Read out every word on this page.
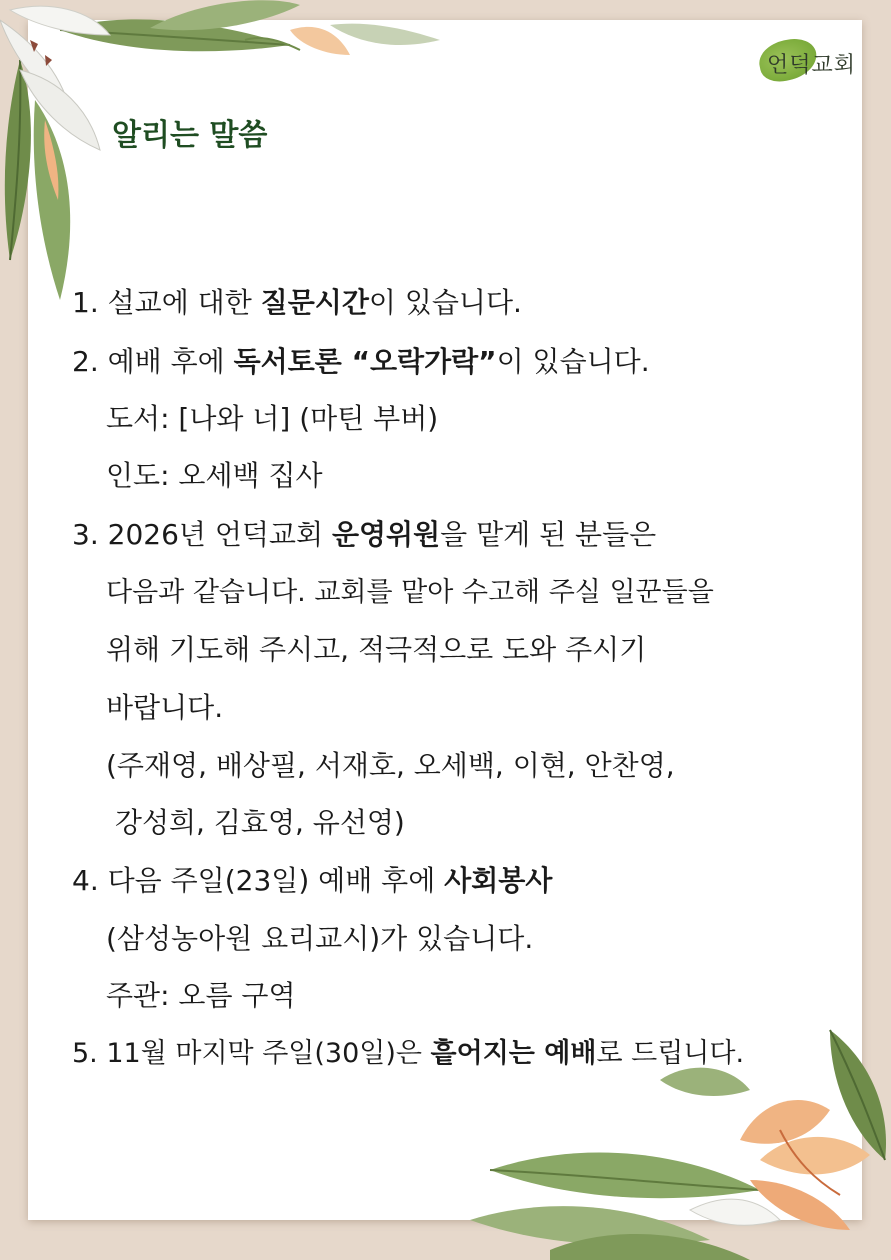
언덕교회
알리는 말씀

1. 설교에 대한 질문시간이 있습니다.

2. 예배 후에 독서토론 “오락가락”이 있습니다.

도서: [나와 너] (마틴 부버)

인도: 오세백 집사

3. 2026년 언덕교회 운영위원을 맡게 된 분들은

다음과 같습니다. 교회를 맡아 수고해 주실 일꾼들을

위해 기도해 주시고, 적극적으로 도와 주시기

바랍니다.

(주재영, 배상필, 서재호, 오세백, 이현, 안찬영,

강성희, 김효영, 유선영)

4. 다음 주일(23일) 예배 후에 사회봉사

(삼성농아원 요리교시)가 있습니다.

주관: 오름 구역

5. 11월 마지막 주일(30일)은 흩어지는 예배로 드립니다.
